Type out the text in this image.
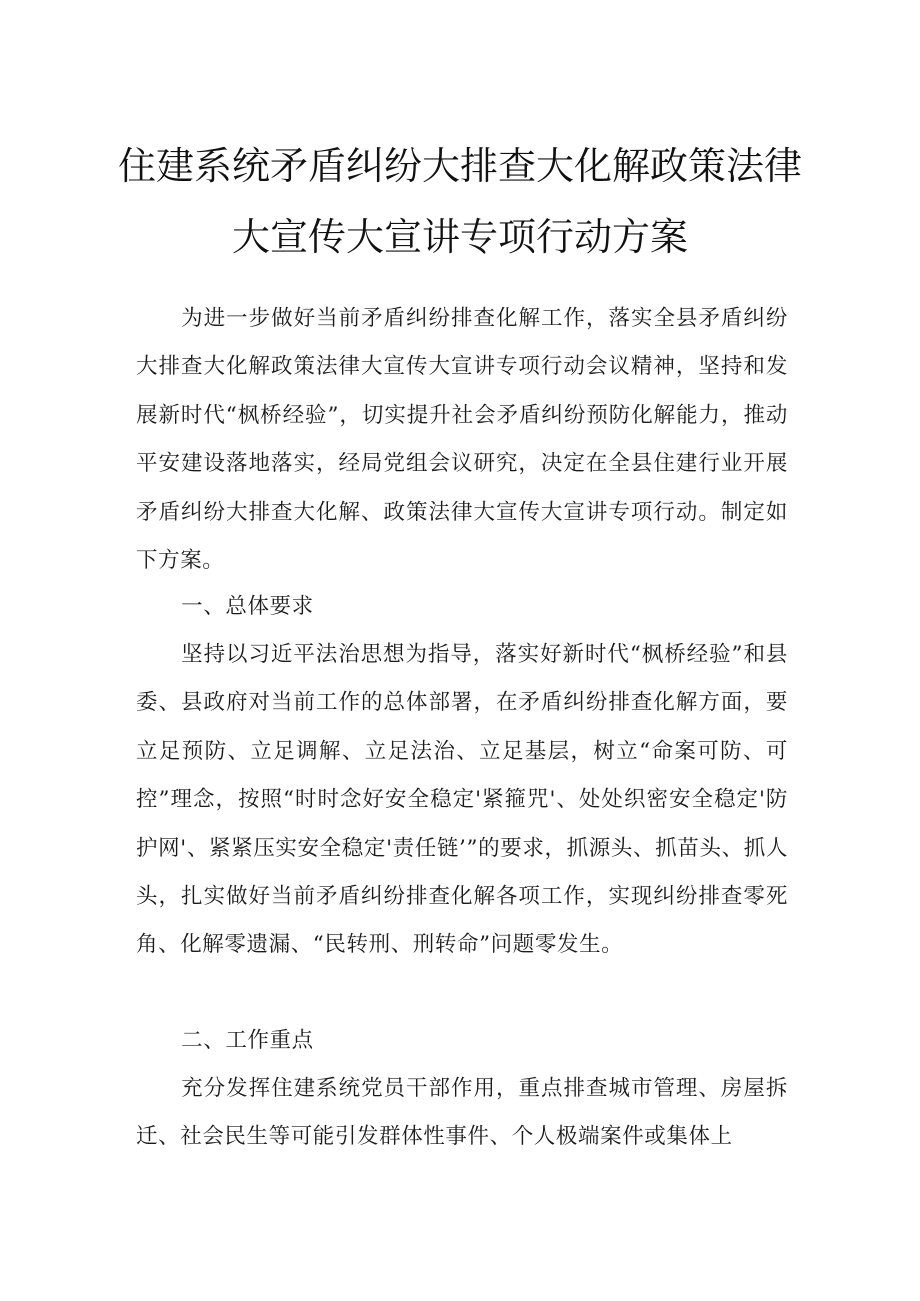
住建系统矛盾纠纷大排查大化解政策法律
大宣传大宣讲专项行动方案

为进一步做好当前矛盾纠纷排查化解工作，落实全县矛盾纠纷大排查大化解政策法律大宣传大宣讲专项行动会议精神，坚持和发展新时代“枫桥经验”，切实提升社会矛盾纠纷预防化解能力，推动平安建设落地落实，经局党组会议研究，决定在全县住建行业开展矛盾纠纷大排查大化解、政策法律大宣传大宣讲专项行动。制定如下方案。

一、总体要求

坚持以习近平法治思想为指导，落实好新时代“枫桥经验”和县委、县政府对当前工作的总体部署，在矛盾纠纷排查化解方面，要立足预防、立足调解、立足法治、立足基层，树立“命案可防、可控”理念，按照“时时念好安全稳定'紧箍咒'、处处织密安全稳定'防护网'、紧紧压实安全稳定'责任链’”的要求，抓源头、抓苗头、抓人头，扎实做好当前矛盾纠纷排查化解各项工作，实现纠纷排查零死角、化解零遗漏、“民转刑、刑转命”问题零发生。

二、工作重点

充分发挥住建系统党员干部作用，重点排查城市管理、房屋拆迁、社会民生等可能引发群体性事件、个人极端案件或集体上
